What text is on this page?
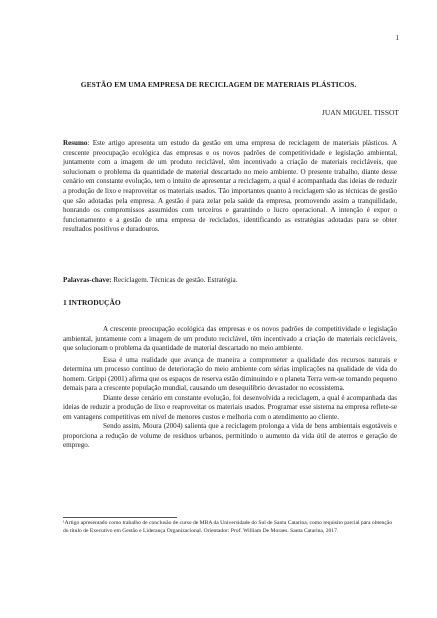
1
GESTÃO EM UMA EMPRESA DE RECICLAGEM DE MATERIAIS PLÁSTICOS.
JUAN MIGUEL TISSOT

Resumo: Este artigo apresenta um estudo da gestão em uma empresa de reciclagem de materiais plásticos. A crescente preocupação ecológica das empresas e os novos padrões de competitividade e legislação ambiental, juntamente com a imagem de um produto reciclável, têm incentivado a criação de materiais recicláveis, que solucionam o problema da quantidade de material descartado no meio ambiente. O presente trabalho, diante desse cenário em constante evolução, tem o intuito de apresentar a reciclagem, a qual é acompanhada das ideias de reduzir a produção de lixo e reaproveitar os materiais usados. Tão importantes quanto à reciclagem são as técnicas de gestão que são adotadas pela empresa. A gestão é para zelar pela saúde da empresa, promovendo assim a tranquilidade, honrando os compromissos assumidos com terceiros e garantindo o lucro operacional. A intenção é expor o funcionamento e a gestão de uma empresa de reciclados, identificando as estratégias adotadas para se obter resultados positivos e duradouros.

Palavras-chave: Reciclagem. Técnicas de gestão. Estratégia.

1 INTRODUÇÃO

A crescente preocupação ecológica das empresas e os novos padrões de competitividade e legislação ambiental, juntamente com a imagem de um produto reciclável, têm incentivado a criação de materiais recicláveis, que solucionam o problema da quantidade de material descartado no meio ambiente.

Essa é uma realidade que avança de maneira a comprometer a qualidade dos recursos naturais e determina um processo contínuo de deterioração do meio ambiente com sérias implicações na qualidade de vida do homem. Grippi (2001) afirma que os espaços de reserva estão diminuindo e o planeta Terra vem-se tornando pequeno demais para a crescente população mundial, causando um desequilíbrio devastador no ecossistema.

Diante desse cenário em constante evolução, foi desenvolvida a reciclagem, a qual é acompanhada das ideias de reduzir a produção de lixo e reaproveitar os materiais usados. Programar esse sistema na empresa reflete-se em vantagens competitivas em nível de menores custos e melhoria com o atendimento ao cliente.

Sendo assim, Moura (2004) salienta que a reciclagem prolonga a vida de bens ambientais esgotáveis e proporciona a redução de volume de resíduos urbanos, permitindo o aumento da vida útil de aterros e geração de emprego.

¹Artigo apresentado como trabalho de conclusão de curso de MBA da Universidade do Sul de Santa Catarina, como requisito parcial para obtenção do título de Executivo em Gestão e Liderança Organizacional. Orientador: Prof. William De Moraes. Santa Catarina, 2017.
